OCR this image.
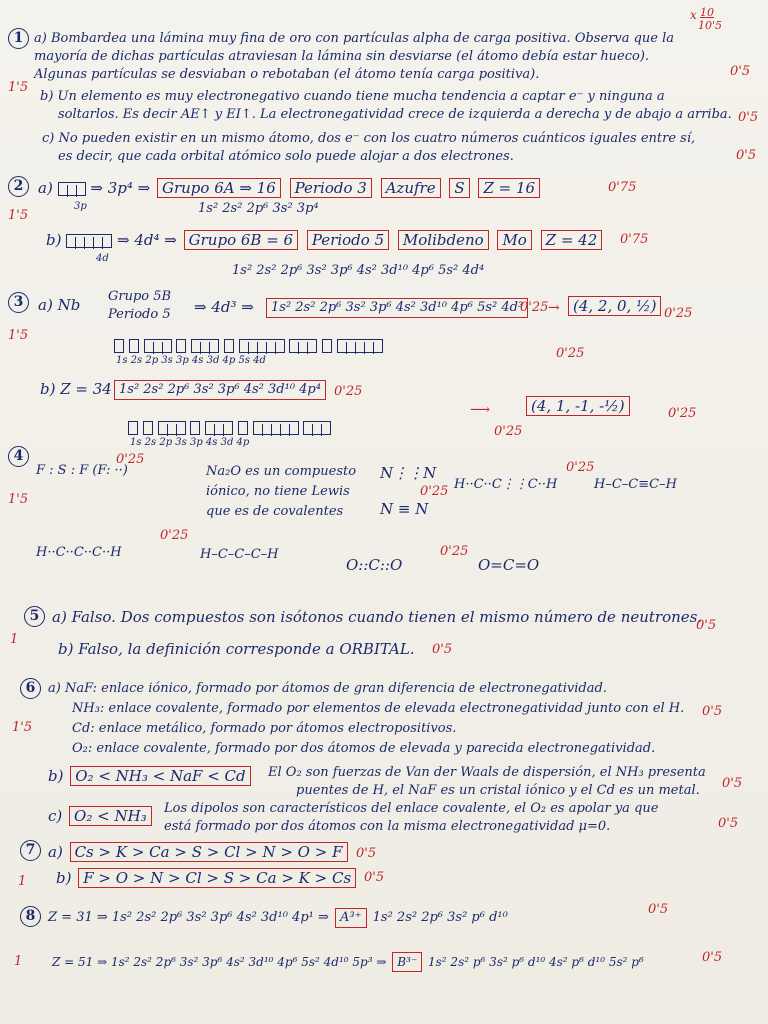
x 10
10'5
1 a) Bombardea una lámina muy fina de oro con partículas alpha de carga positiva. Observa que la
mayoría de dichas partículas atraviesan la lámina sin desviarse (el átomo debía estar hueco).
Algunas partículas se desviaban o rebotaban (el átomo tenía carga positiva).	0'5
1'5
b) Un elemento es muy electronegativo cuando tiene mucha tendencia a captar e⁻ y ninguna a
soltarlos. Es decir AE↑ y EI↑. La electronegatividad crece de izquierda a derecha y de abajo a arriba. 0'5
c) No pueden existir en un mismo átomo, dos e⁻ con los cuatro números cuánticos iguales entre sí,
es decir, que cada orbital atómico solo puede alojar a dos electrones.	0'5
2 a)	⇒ 3p⁴ ⇒ Grupo 6A ⇒ 16 Periodo 3 Azufre S Z = 16	0'75
3p	1s² 2s² 2p⁶ 3s² 3p⁴
1'5
b)	⇒ 4d⁴ ⇒ Grupo 6B = 6 Periodo 5 Molibdeno Mo Z = 42	0'75
4d
1s² 2s² 2p⁶ 3s² 3p⁶ 4s² 3d¹⁰ 4p⁶ 5s² 4d⁴
3 a) Nb Grupo 5B
Periodo 5 ⇒ 4d³ ⇒	1s² 2s² 2p⁶ 3s² 3p⁶ 4s² 3d¹⁰ 4p⁶ 5s² 4d³
0'25 → (4, 2, 0, ½) 0'25
1'5

0'25
1s 2s 2p 3s 3p 4s 3d 4p 5s 4d
b) Z = 34 1s² 2s² 2p⁶ 3s² 3p⁶ 4s² 3d¹⁰ 4p⁴	0'25
⟶	(4, 1, -1, -½)	0'25

0'25
1s 2s 2p 3s 3p 4s 3d 4p
4
F : S : F (F: ··)
0'25
1'5
Na₂O es un compuesto iónico, no tiene Lewis que es de covalentes
N⋮⋮N
N ≡ N
0'25 H··C··C⋮⋮C··H	H–C–C≡C–H
0'25
H··C··C··C··H	H–C–C–C–H
0'25
O::C::O	O=C=O
0'25
5 a) Falso. Dos compuestos son isótonos cuando tienen el mismo número de neutrones.
0'5
1
b) Falso, la definición corresponde a ORBITAL. 0'5
6 a) NaF: enlace iónico, formado por átomos de gran diferencia de electronegatividad.
NH₃: enlace covalente, formado por elementos de elevada electronegatividad junto con el H. 0'5
1'5	Cd: enlace metálico, formado por átomos electropositivos.
O₂: enlace covalente, formado por dos átomos de elevada y parecida electronegatividad.
b) O₂ < NH₃ < NaF < Cd	El O₂ son fuerzas de Van der Waals de dispersión, el NH₃ presenta
puentes de H, el NaF es un cristal iónico y el Cd es un metal. 0'5
c) O₂ < NH₃	Los dipolos son característicos del enlace covalente, el O₂ es apolar ya que
está formado por dos átomos con la misma electronegatividad μ=0.	0'5
7 a) Cs > K > Ca > S > Cl > N > O > F	0'5
1 b) F > O > N > Cl > S > Ca > K > Cs 0'5
8 Z = 31 ⇒ 1s² 2s² 2p⁶ 3s² 3p⁶ 4s² 3d¹⁰ 4p¹ ⇒ A³⁺ 1s² 2s² 2p⁶ 3s² p⁶ d¹⁰
0'5
1 Z = 51 ⇒ 1s² 2s² 2p⁶ 3s² 3p⁶ 4s² 3d¹⁰ 4p⁶ 5s² 4d¹⁰ 5p³ ⇒ B³⁻ 1s² 2s² p⁶ 3s² p⁶ d¹⁰ 4s² p⁶ d¹⁰ 5s² p⁶	0'5
